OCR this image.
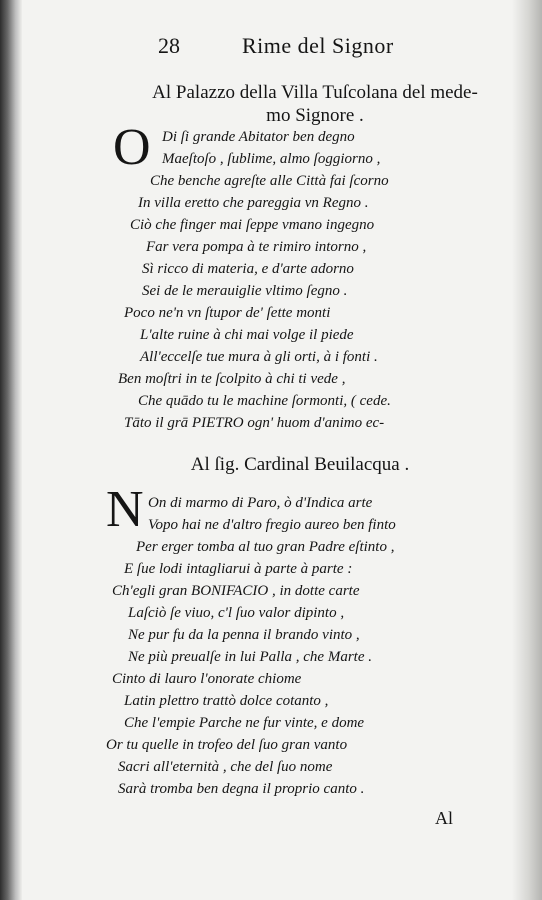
28	Rime del Signor
Al Palazzo della Villa Tuſcolana del mede-
mo Signore .
O Di ſi grande Abitator ben degno
Maeſtoſo , ſublime, almo ſoggiorno ,
Che benche agreſte alle Città fai ſcorno
In villa eretto che pareggia vn Regno .
Ciò che finger mai ſeppe vmano ingegno
Far vera pompa à te rimiro intorno ,
Sì ricco di materia, e d'arte adorno
Sei de le merauiglie vltimo ſegno .
Poco ne'n vn ſtupor de' ſette monti
L'alte ruine à chi mai volge il piede
All'eccelſe tue mura à gli orti, à i fonti .
Ben moſtri in te ſcolpito à chi ti vede ,
Che quādo tu le machine ſormonti, ( cede.
Tāto il grā PIETRO ogn' huom d'animo ec-
Al ſig. Cardinal Beuilacqua .
N On di marmo di Paro, ò d'Indica arte
Vopo hai ne d'altro fregio aureo ben finto
Per erger tomba al tuo gran Padre eſtinto ,
E ſue lodi intagliarui à parte à parte :
Ch'egli gran BONIFACIO , in dotte carte
Laſciò ſe viuo, c'l ſuo valor dipinto ,
Ne pur fu da la penna il brando vinto ,
Ne più preualſe in lui Palla , che Marte .
Cinto di lauro l'onorate chiome
Latin plettro trattò dolce cotanto ,
Che l'empie Parche ne fur vinte, e dome
Or tu quelle in trofeo del ſuo gran vanto
Sacri all'eternità , che del ſuo nome
Sarà tromba ben degna il proprio canto .
Al
